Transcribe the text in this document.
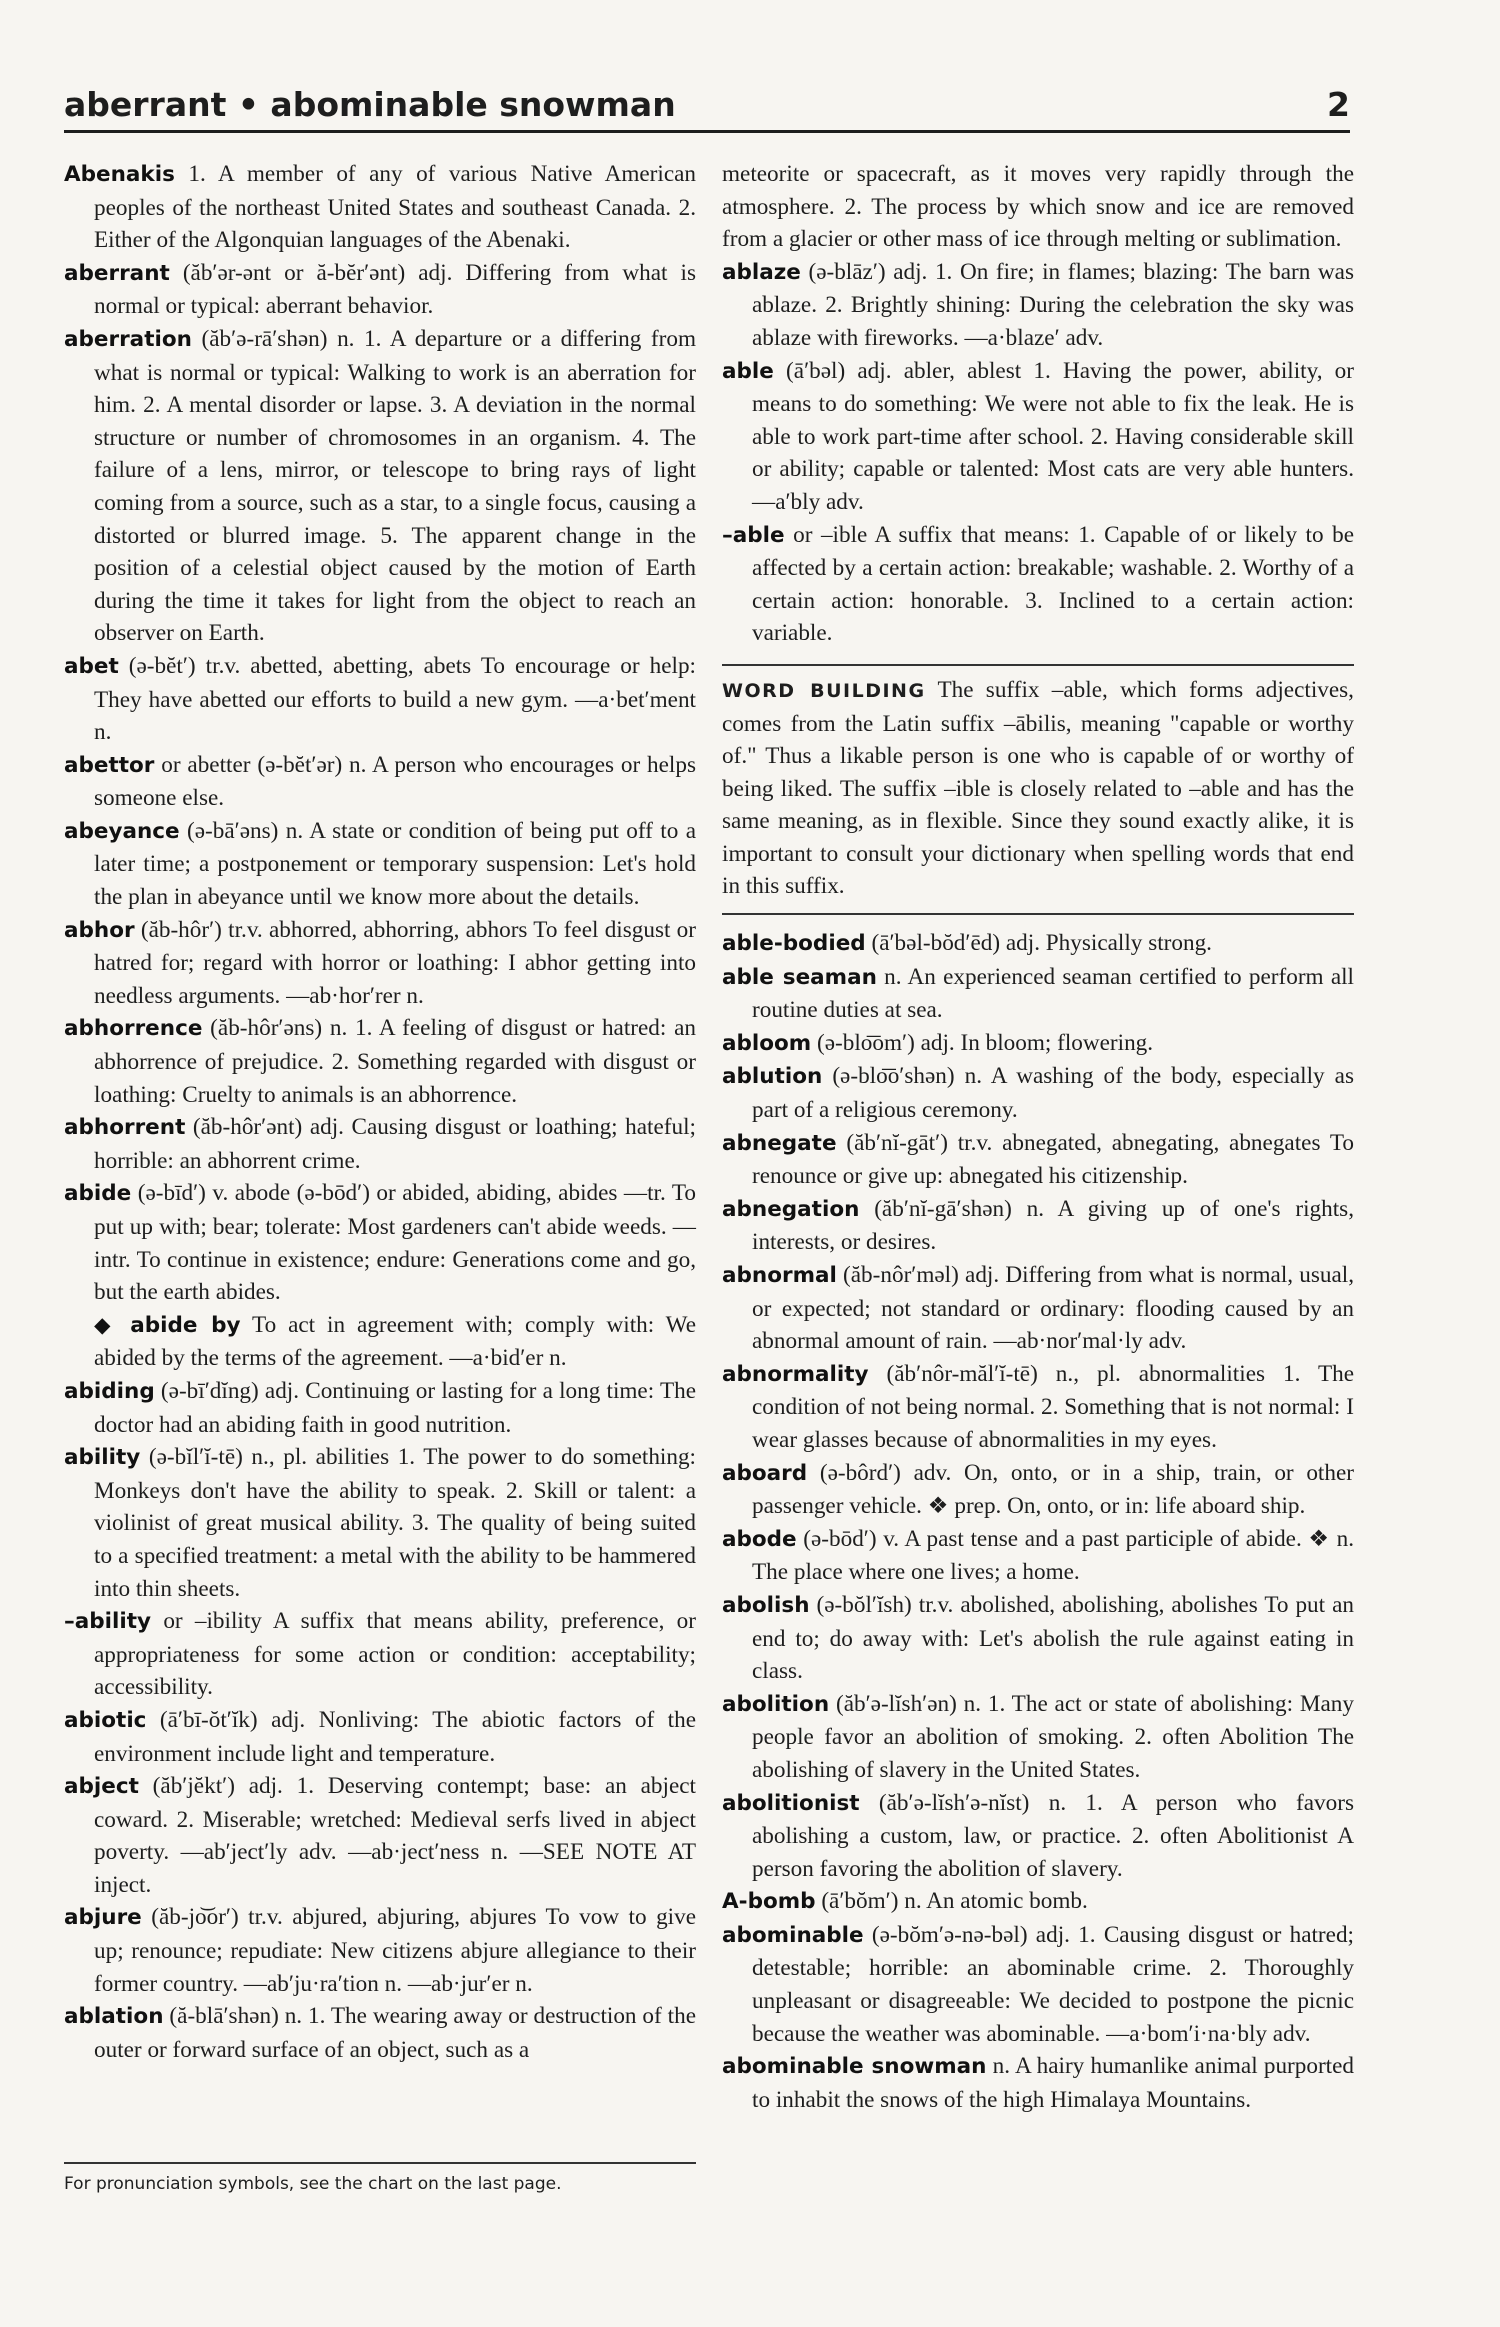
aberrant • abominable snowman	2

Abenakis 1. A member of any of various Native American peoples of the northeast United States and southeast Canada. 2. Either of the Algonquian languages of the Abenaki.

aberrant (ăb′ər-ənt or ă-bĕr′ənt) adj. Differing from what is normal or typical: aberrant behavior.

aberration (ăb′ə-rā′shən) n. 1. A departure or a differing from what is normal or typical: Walking to work is an aberration for him. 2. A mental disorder or lapse. 3. A deviation in the normal structure or number of chromosomes in an organism. 4. The failure of a lens, mirror, or telescope to bring rays of light coming from a source, such as a star, to a single focus, causing a distorted or blurred image. 5. The apparent change in the position of a celestial object caused by the motion of Earth during the time it takes for light from the object to reach an observer on Earth.

abet (ə-bĕt′) tr.v. abetted, abetting, abets To encourage or help: They have abetted our efforts to build a new gym. —a·bet′ment n.

abettor or abetter (ə-bĕt′ər) n. A person who encourages or helps someone else.

abeyance (ə-bā′əns) n. A state or condition of being put off to a later time; a postponement or temporary suspension: Let's hold the plan in abeyance until we know more about the details.

abhor (ăb-hôr′) tr.v. abhorred, abhorring, abhors To feel disgust or hatred for; regard with horror or loathing: I abhor getting into needless arguments. —ab·hor′rer n.

abhorrence (ăb-hôr′əns) n. 1. A feeling of disgust or hatred: an abhorrence of prejudice. 2. Something regarded with disgust or loathing: Cruelty to animals is an abhorrence.

abhorrent (ăb-hôr′ənt) adj. Causing disgust or loathing; hateful; horrible: an abhorrent crime.

abide (ə-bīd′) v. abode (ə-bōd′) or abided, abiding, abides —tr. To put up with; bear; tolerate: Most gardeners can't abide weeds. —intr. To continue in existence; endure: Generations come and go, but the earth abides.

◆ abide by To act in agreement with; comply with: We abided by the terms of the agreement. —a·bid′er n.

abiding (ə-bī′dĭng) adj. Continuing or lasting for a long time: The doctor had an abiding faith in good nutrition.

ability (ə-bĭl′ĭ-tē) n., pl. abilities 1. The power to do something: Monkeys don't have the ability to speak. 2. Skill or talent: a violinist of great musical ability. 3. The quality of being suited to a specified treatment: a metal with the ability to be hammered into thin sheets.

–ability or –ibility A suffix that means ability, preference, or appropriateness for some action or condition: acceptability; accessibility.

abiotic (ā′bī-ŏt′ĭk) adj. Nonliving: The abiotic factors of the environment include light and temperature.

abject (ăb′jĕkt′) adj. 1. Deserving contempt; base: an abject coward. 2. Miserable; wretched: Medieval serfs lived in abject poverty. —ab′ject′ly adv. —ab·ject′ness n. —SEE NOTE AT inject.

abjure (ăb-jo͝or′) tr.v. abjured, abjuring, abjures To vow to give up; renounce; repudiate: New citizens abjure allegiance to their former country. —ab′ju·ra′tion n. —ab·jur′er n.

ablation (ă-blā′shən) n. 1. The wearing away or destruction of the outer or forward surface of an object, such as a

meteorite or spacecraft, as it moves very rapidly through the atmosphere. 2. The process by which snow and ice are removed from a glacier or other mass of ice through melting or sublimation.

ablaze (ə-blāz′) adj. 1. On fire; in flames; blazing: The barn was ablaze. 2. Brightly shining: During the celebration the sky was ablaze with fireworks. —a·blaze′ adv.

able (ā′bəl) adj. abler, ablest 1. Having the power, ability, or means to do something: We were not able to fix the leak. He is able to work part-time after school. 2. Having considerable skill or ability; capable or talented: Most cats are very able hunters. —a′bly adv.

–able or –ible A suffix that means: 1. Capable of or likely to be affected by a certain action: breakable; washable. 2. Worthy of a certain action: honorable. 3. Inclined to a certain action: variable.

WORD BUILDING The suffix –able, which forms adjectives, comes from the Latin suffix –ābilis, meaning "capable or worthy of." Thus a likable person is one who is capable of or worthy of being liked. The suffix –ible is closely related to –able and has the same meaning, as in flexible. Since they sound exactly alike, it is important to consult your dictionary when spelling words that end in this suffix.

able-bodied (ā′bəl-bŏd′ēd) adj. Physically strong.

able seaman n. An experienced seaman certified to perform all routine duties at sea.

abloom (ə-blo͞om′) adj. In bloom; flowering.

ablution (ə-blo͞o′shən) n. A washing of the body, especially as part of a religious ceremony.

abnegate (ăb′nĭ-gāt′) tr.v. abnegated, abnegating, abnegates To renounce or give up: abnegated his citizenship.

abnegation (ăb′nĭ-gā′shən) n. A giving up of one's rights, interests, or desires.

abnormal (ăb-nôr′məl) adj. Differing from what is normal, usual, or expected; not standard or ordinary: flooding caused by an abnormal amount of rain. —ab·nor′mal·ly adv.

abnormality (ăb′nôr-măl′ĭ-tē) n., pl. abnormalities 1. The condition of not being normal. 2. Something that is not normal: I wear glasses because of abnormalities in my eyes.

aboard (ə-bôrd′) adv. On, onto, or in a ship, train, or other passenger vehicle. ❖ prep. On, onto, or in: life aboard ship.

abode (ə-bōd′) v. A past tense and a past participle of abide. ❖ n. The place where one lives; a home.

abolish (ə-bŏl′ĭsh) tr.v. abolished, abolishing, abolishes To put an end to; do away with: Let's abolish the rule against eating in class.

abolition (ăb′ə-lĭsh′ən) n. 1. The act or state of abolishing: Many people favor an abolition of smoking. 2. often Abolition The abolishing of slavery in the United States.

abolitionist (ăb′ə-lĭsh′ə-nĭst) n. 1. A person who favors abolishing a custom, law, or practice. 2. often Abolitionist A person favoring the abolition of slavery.

A-bomb (ā′bŏm′) n. An atomic bomb.

abominable (ə-bŏm′ə-nə-bəl) adj. 1. Causing disgust or hatred; detestable; horrible: an abominable crime. 2. Thoroughly unpleasant or disagreeable: We decided to postpone the picnic because the weather was abominable. —a·bom′i·na·bly adv.

abominable snowman n. A hairy humanlike animal purported to inhabit the snows of the high Himalaya Mountains.

For pronunciation symbols, see the chart on the last page.
